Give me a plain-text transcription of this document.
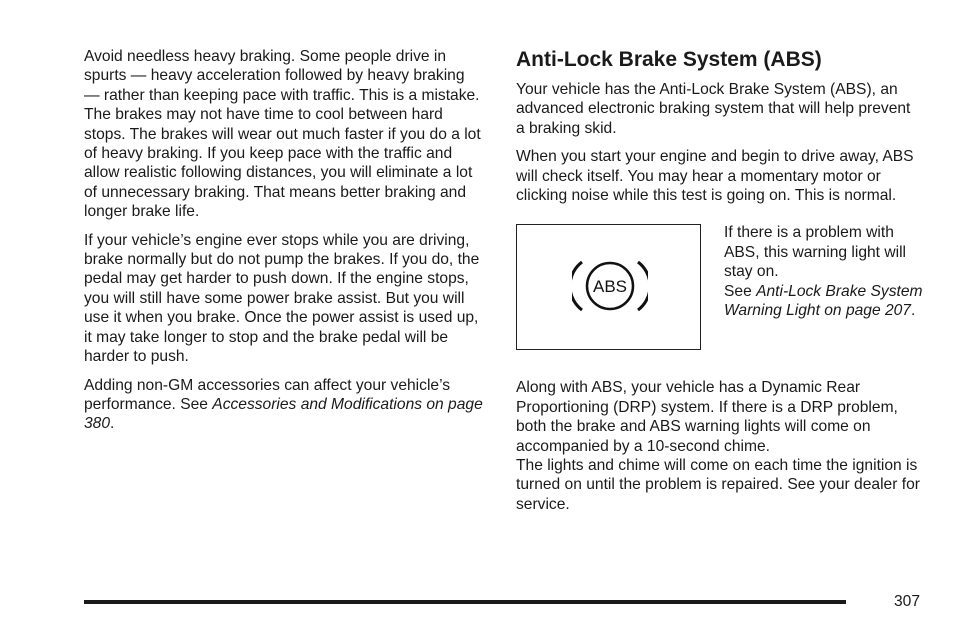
Avoid needless heavy braking. Some people drive in spurts — heavy acceleration followed by heavy braking — rather than keeping pace with traffic. This is a mistake. The brakes may not have time to cool between hard stops. The brakes will wear out much faster if you do a lot of heavy braking. If you keep pace with the traffic and allow realistic following distances, you will eliminate a lot of unnecessary braking. That means better braking and longer brake life.

If your vehicle’s engine ever stops while you are driving, brake normally but do not pump the brakes. If you do, the pedal may get harder to push down. If the engine stops, you will still have some power brake assist. But you will use it when you brake. Once the power assist is used up, it may take longer to stop and the brake pedal will be harder to push.

Adding non-GM accessories can affect your vehicle’s performance. See Accessories and Modifications on page 380.

Anti-Lock Brake System (ABS)

Your vehicle has the Anti-Lock Brake System (ABS), an advanced electronic braking system that will help prevent a braking skid.

When you start your engine and begin to drive away, ABS will check itself. You may hear a momentary motor or clicking noise while this test is going on. This is normal.

ABS
If there is a problem with ABS, this warning light will stay on.
See Anti-Lock Brake System Warning Light on page 207.

Along with ABS, your vehicle has a Dynamic Rear Proportioning (DRP) system. If there is a DRP problem, both the brake and ABS warning lights will come on accompanied by a 10-second chime.

The lights and chime will come on each time the ignition is turned on until the problem is repaired. See your dealer for service.

307
